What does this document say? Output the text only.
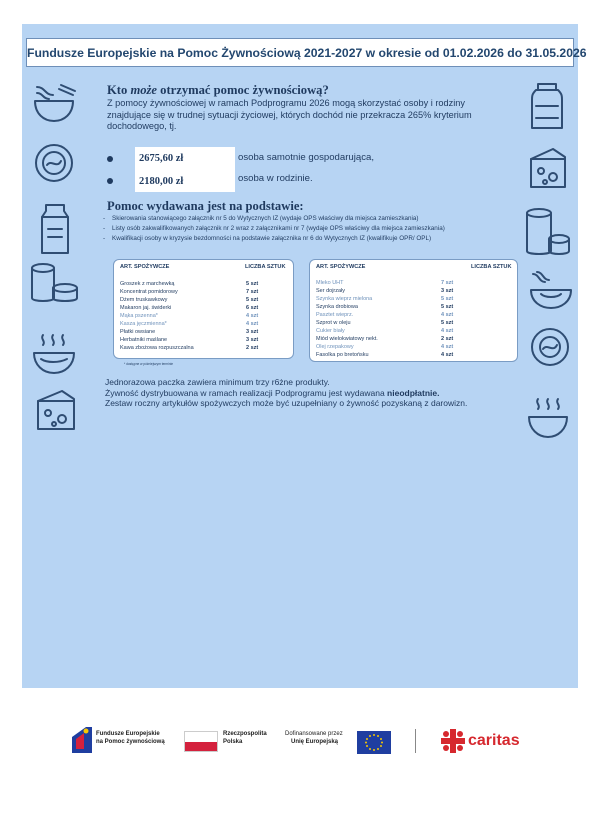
Fundusze Europejskie na Pomoc Żywnościową 2021-2027 w okresie od 01.02.2026 do 31.05.2026
Kto może otrzymać pomoc żywnościową?
Z pomocy żywnościowej w ramach Podprogramu 2026 mogą skorzystać osoby i rodziny znajdujące się w trudnej sytuacji życiowej, których dochód nie przekracza 265% kryterium dochodowego, tj.
2675,60 zł	osoba samotnie gospodarująca,
2180,00 zł	osoba w rodzinie.
Pomoc wydawana jest na podstawie:
- Skierowania stanowiącego załącznik nr 5 do Wytycznych IZ (wydaje OPS właściwy dla miejsca zamieszkania)
- Listy osób zakwalifikowanych załącznik nr 2 wraz z załącznikami nr 7 (wydaje OPS właściwy dla miejsca zamieszkania)
- Kwalifikacji osoby w kryzysie bezdomności na podstawie załącznika nr 6 do Wytycznych IZ (kwalifikuje OPR/ OPL)
ART. SPOŻYWCZE	LICZBA SZTUK
Groszek z marchewką	5 szt
Koncentrat pomidorowy	7 szt
Dżem truskawkowy	5 szt
Makaron jaj. świderki	6 szt
Mąka pszenna*	4 szt
Kasza jęczmienna*	4 szt
Płatki owsiane	3 szt
Herbatniki maślane	3 szt
Kawa zbożowa rozpuszczalna	2 szt
* dostępne w późniejszym terminie
ART. SPOŻYWCZE	LICZBA SZTUK
Mleko UHT	7 szt
Ser dojrzały	3 szt
Szynka wieprz mielona	5 szt
Szynka drobiowa	5 szt
Pasztet wieprz.	4 szt
Szprot w oleju	5 szt
Cukier biały	4 szt
Miód wielokwiatowy nekt.	2 szt
Olej rzepakowy	4 szt
Fasolka po bretońsku	4 szt
Jednorazowa paczka zawiera minimum trzy r6żne produkty.
Żywność dystrybuowana w ramach realizacji Podprogramu jest wydawana nieodpłatnie.
Zestaw roczny artykułów spożywczych może być uzupełniany o żywność pozyskaną z darowizn.
Fundusze Europejskie
na Pomoc żywnościową
Rzeczpospolita
Polska
Dofinansowane przez
Unię Europejską	caritas
